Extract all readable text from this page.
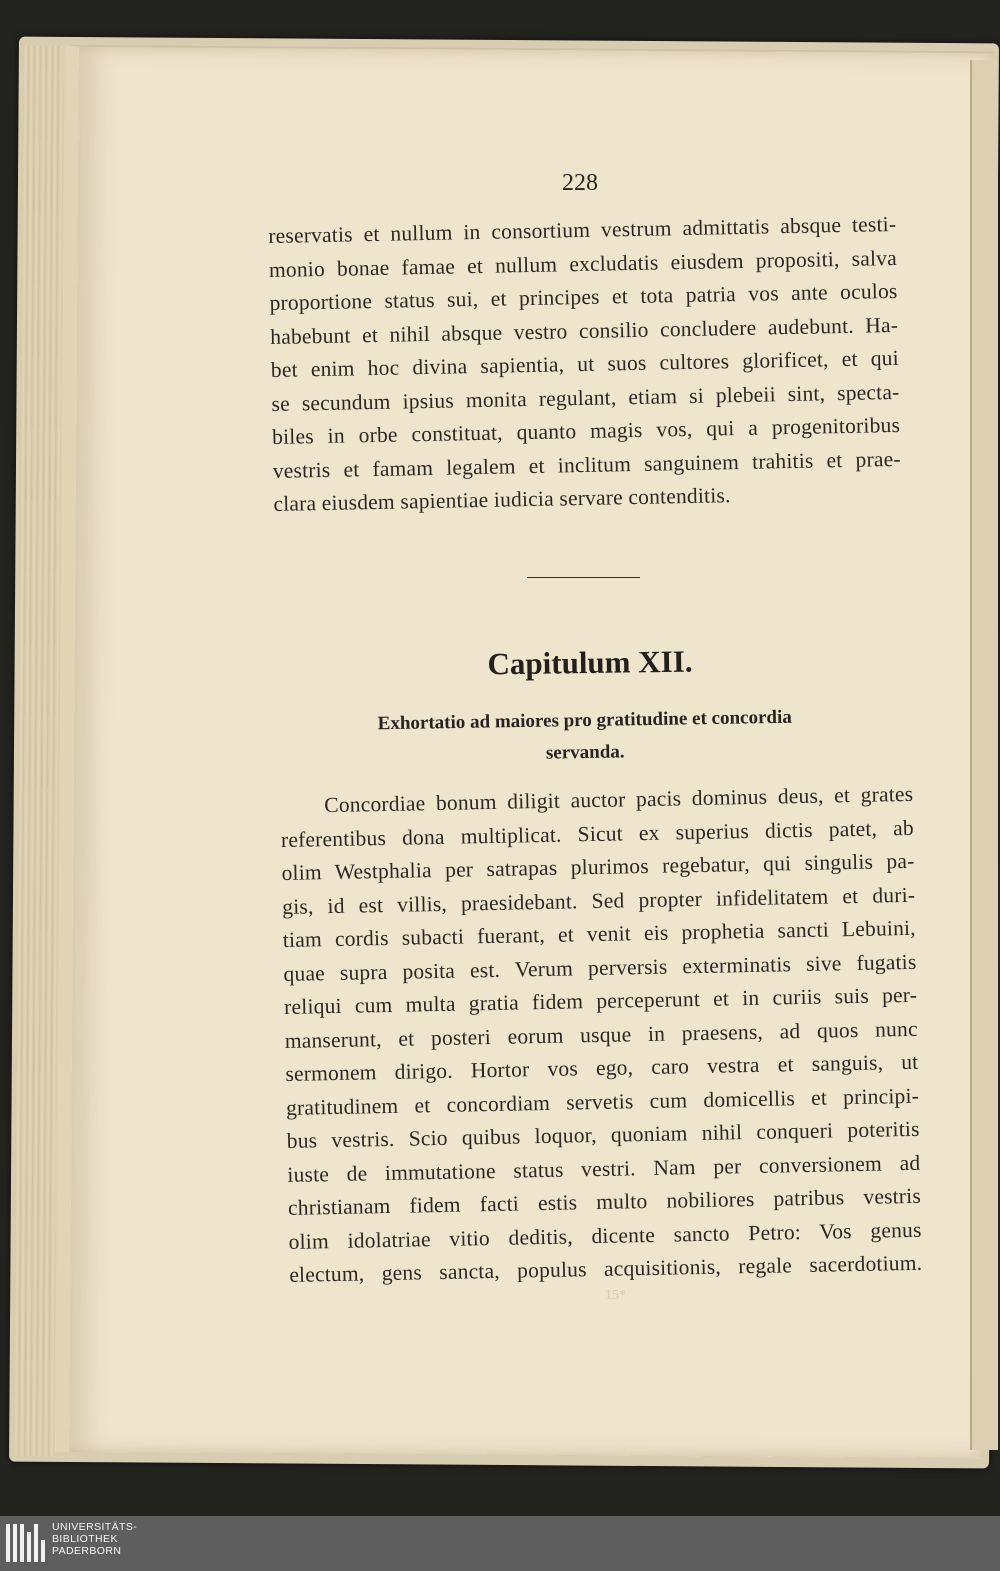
228
reservatis et nullum in consortium vestrum admittatis absque testi-
monio bonae famae et nullum excludatis eiusdem propositi, salva
proportione status sui, et principes et tota patria vos ante oculos
habebunt et nihil absque vestro consilio concludere audebunt. Ha-
bet enim hoc divina sapientia, ut suos cultores glorificet, et qui
se secundum ipsius monita regulant, etiam si plebeii sint, specta-
biles in orbe constituat, quanto magis vos, qui a progenitoribus
vestris et famam legalem et inclitum sanguinem trahitis et prae-
clara eiusdem sapientiae iudicia servare contenditis.
Capitulum XII.
Exhortatio ad maiores pro gratitudine et concordia
servanda.
Concordiae bonum diligit auctor pacis dominus deus, et grates
referentibus dona multiplicat. Sicut ex superius dictis patet, ab
olim Westphalia per satrapas plurimos regebatur, qui singulis pa-
gis, id est villis, praesidebant. Sed propter infidelitatem et duri-
tiam cordis subacti fuerant, et venit eis prophetia sancti Lebuini,
quae supra posita est. Verum perversis exterminatis sive fugatis
reliqui cum multa gratia fidem perceperunt et in curiis suis per-
manserunt, et posteri eorum usque in praesens, ad quos nunc
sermonem dirigo. Hortor vos ego, caro vestra et sanguis, ut
gratitudinem et concordiam servetis cum domicellis et principi-
bus vestris. Scio quibus loquor, quoniam nihil conqueri poteritis
iuste de immutatione status vestri. Nam per conversionem ad
christianam fidem facti estis multo nobiliores patribus vestris
olim idolatriae vitio deditis, dicente sancto Petro: Vos genus
electum, gens sancta, populus acquisitionis, regale sacerdotium.
15*
UNIVERSITÄTS-
BIBLIOTHEK
PADERBORN
